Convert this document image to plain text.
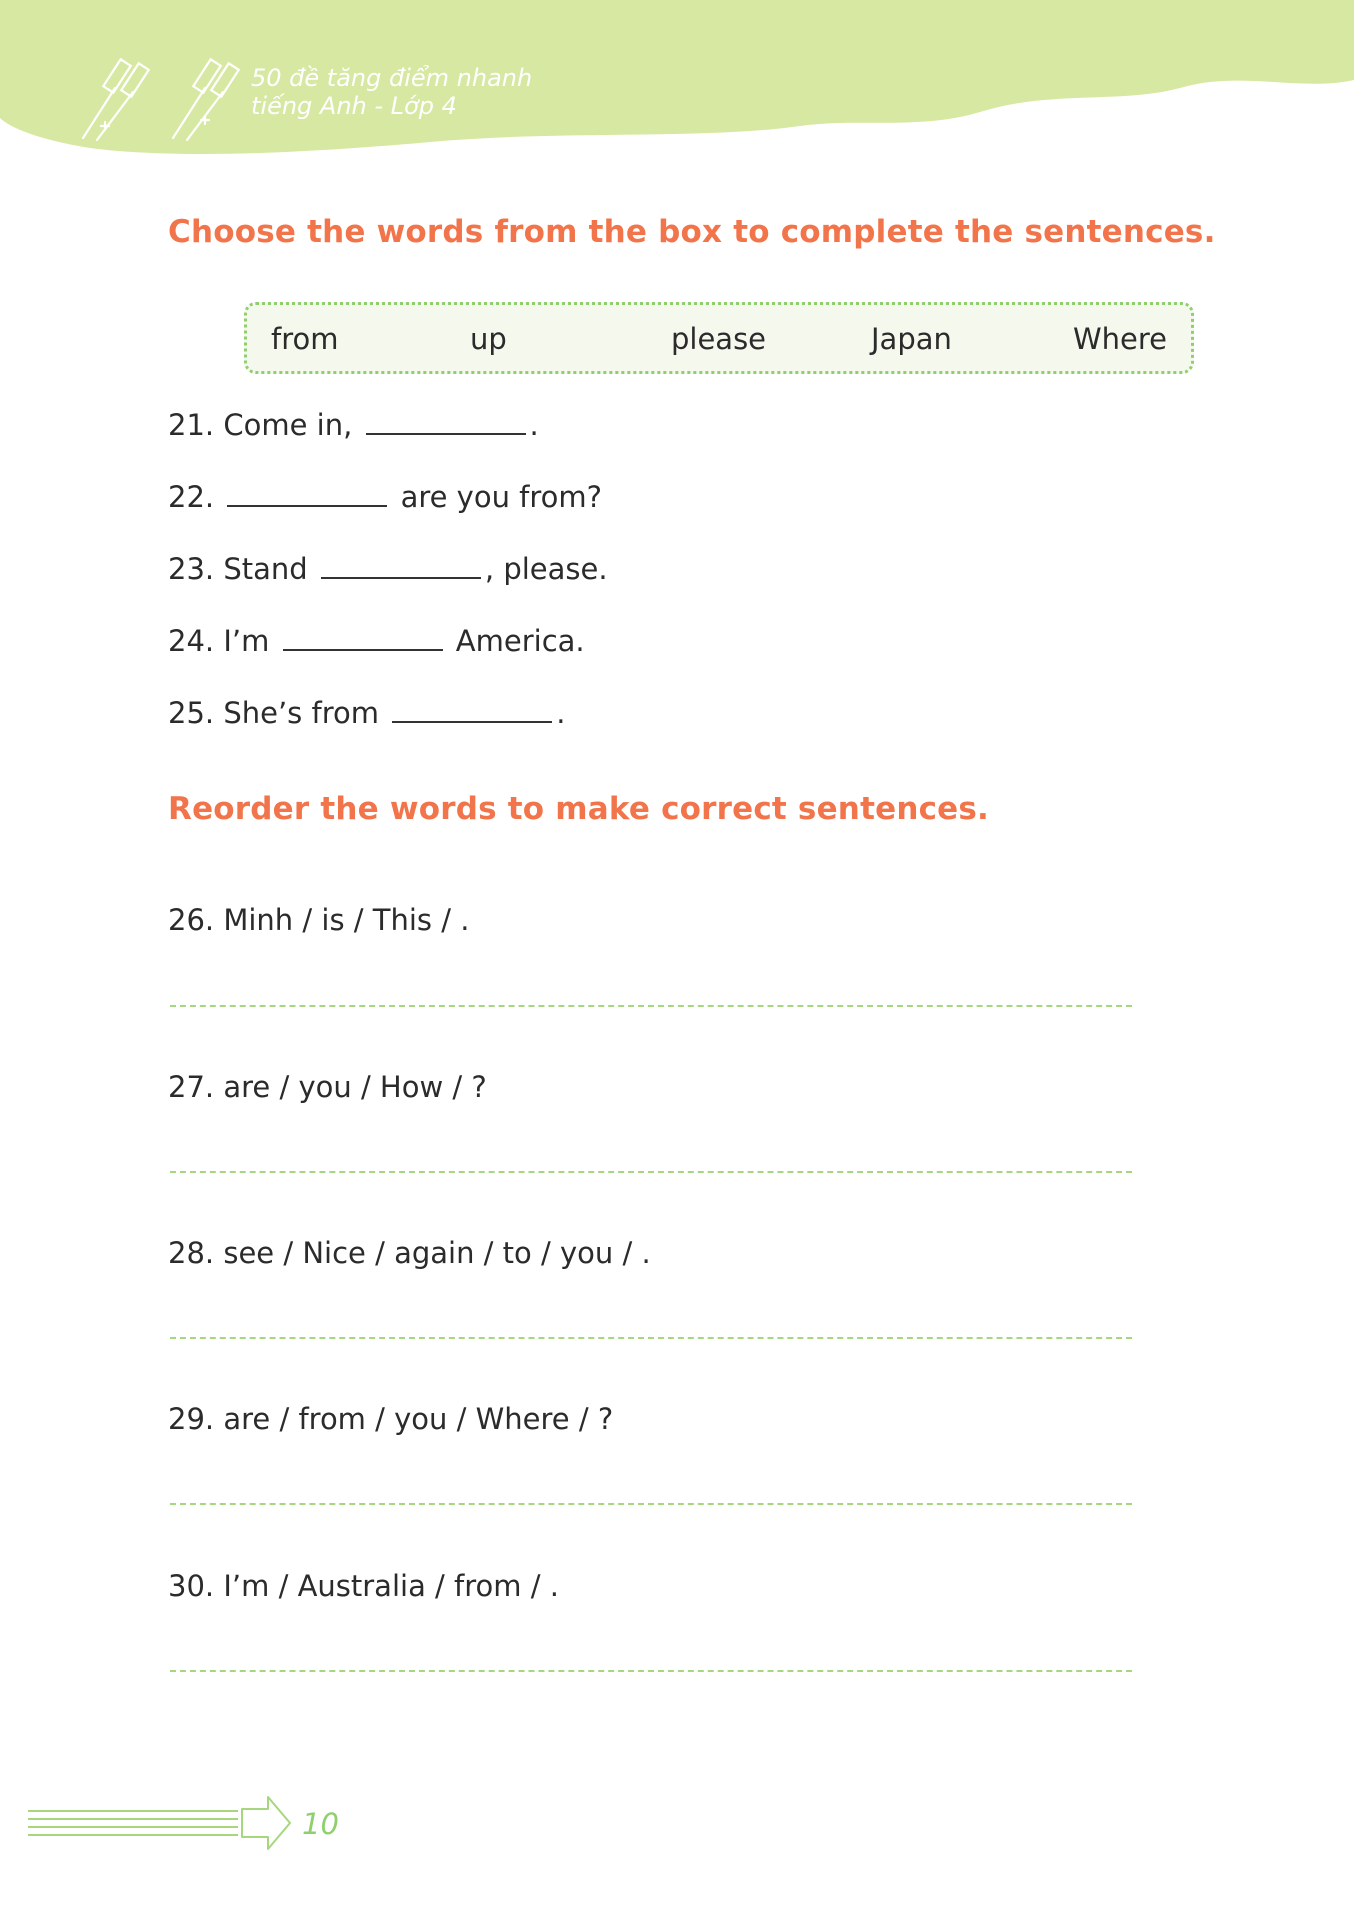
50 đề tăng điểm nhanh
tiếng Anh - Lớp 4
Choose the words from the box to complete the sentences.
from	up	please	Japan	Where
21. Come in,	.
22.	are you from?
23. Stand	, please.
24. I’m	America.
25. She’s from	.
Reorder the words to make correct sentences.
26. Minh / is / This / .
27. are / you / How / ?
28. see / Nice / again / to / you / .
29. are / from / you / Where / ?
30. I’m / Australia / from / .
10
